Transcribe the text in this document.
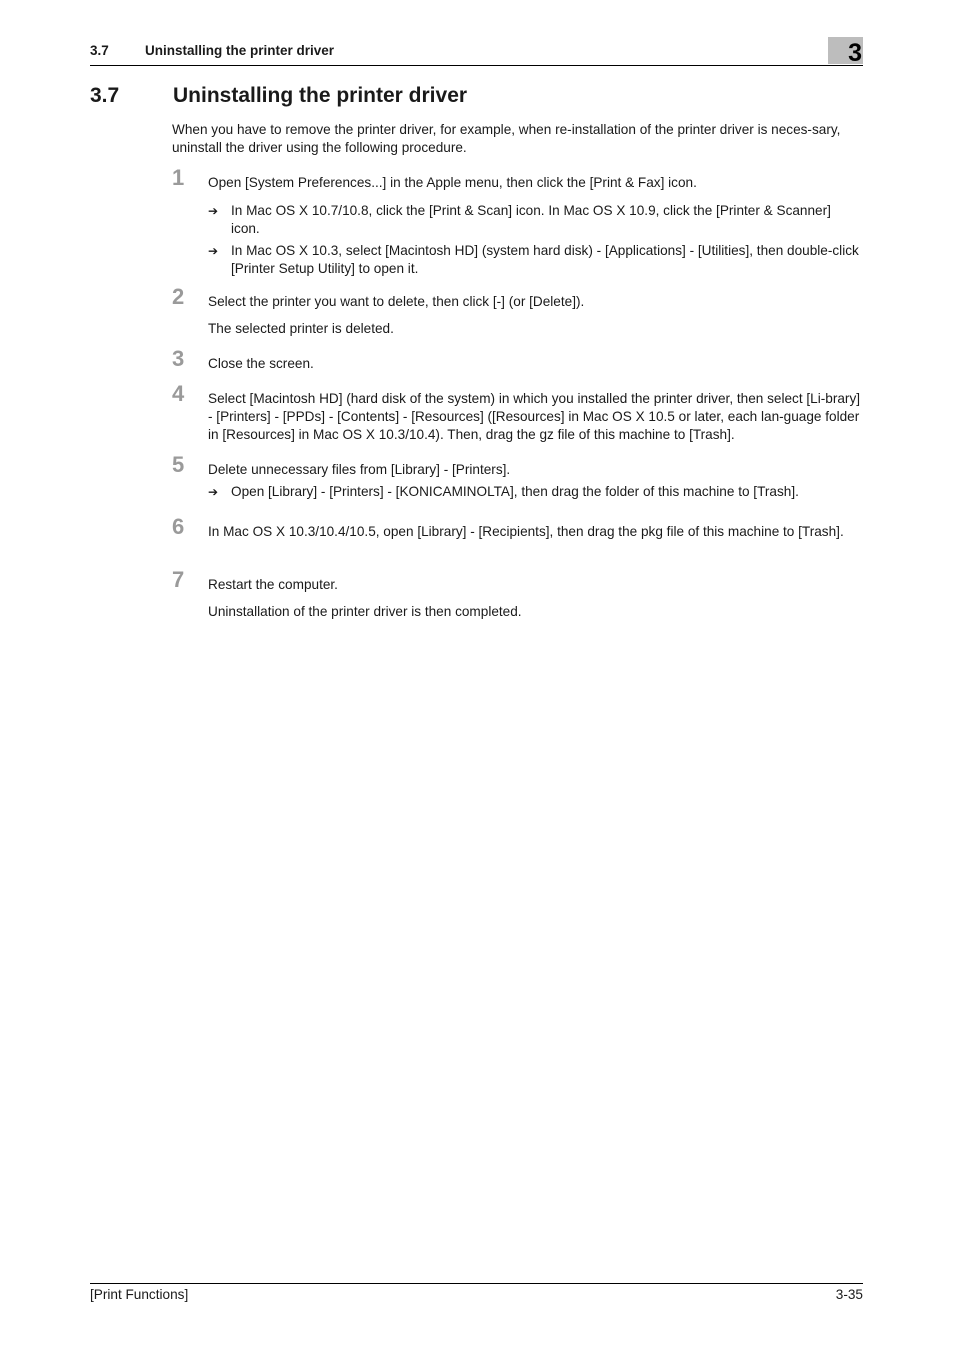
3.7	Uninstalling the printer driver	3
3.7	Uninstalling the printer driver

When you have to remove the printer driver, for example, when re-installation of the printer driver is neces-sary, uninstall the driver using the following procedure.

1 Open [System Preferences...] in the Apple menu, then click the [Print & Fax] icon.

➔ In Mac OS X 10.7/10.8, click the [Print & Scan] icon. In Mac OS X 10.9, click the [Printer & Scanner] icon.
➔ In Mac OS X 10.3, select [Macintosh HD] (system hard disk) - [Applications] - [Utilities], then double-click [Printer Setup Utility] to open it.
2 Select the printer you want to delete, then click [-] (or [Delete]).

The selected printer is deleted.

3 Close the screen.

4 Select [Macintosh HD] (hard disk of the system) in which you installed the printer driver, then select [Li-brary] - [Printers] - [PPDs] - [Contents] - [Resources] ([Resources] in Mac OS X 10.5 or later, each lan-guage folder in [Resources] in Mac OS X 10.3/10.4). Then, drag the gz file of this machine to [Trash].

5 Delete unnecessary files from [Library] - [Printers].

➔ Open [Library] - [Printers] - [KONICAMINOLTA], then drag the folder of this machine to [Trash].
6 In Mac OS X 10.3/10.4/10.5, open [Library] - [Recipients], then drag the pkg file of this machine to [Trash].

7 Restart the computer.

Uninstallation of the printer driver is then completed.

[Print Functions]	3-35
